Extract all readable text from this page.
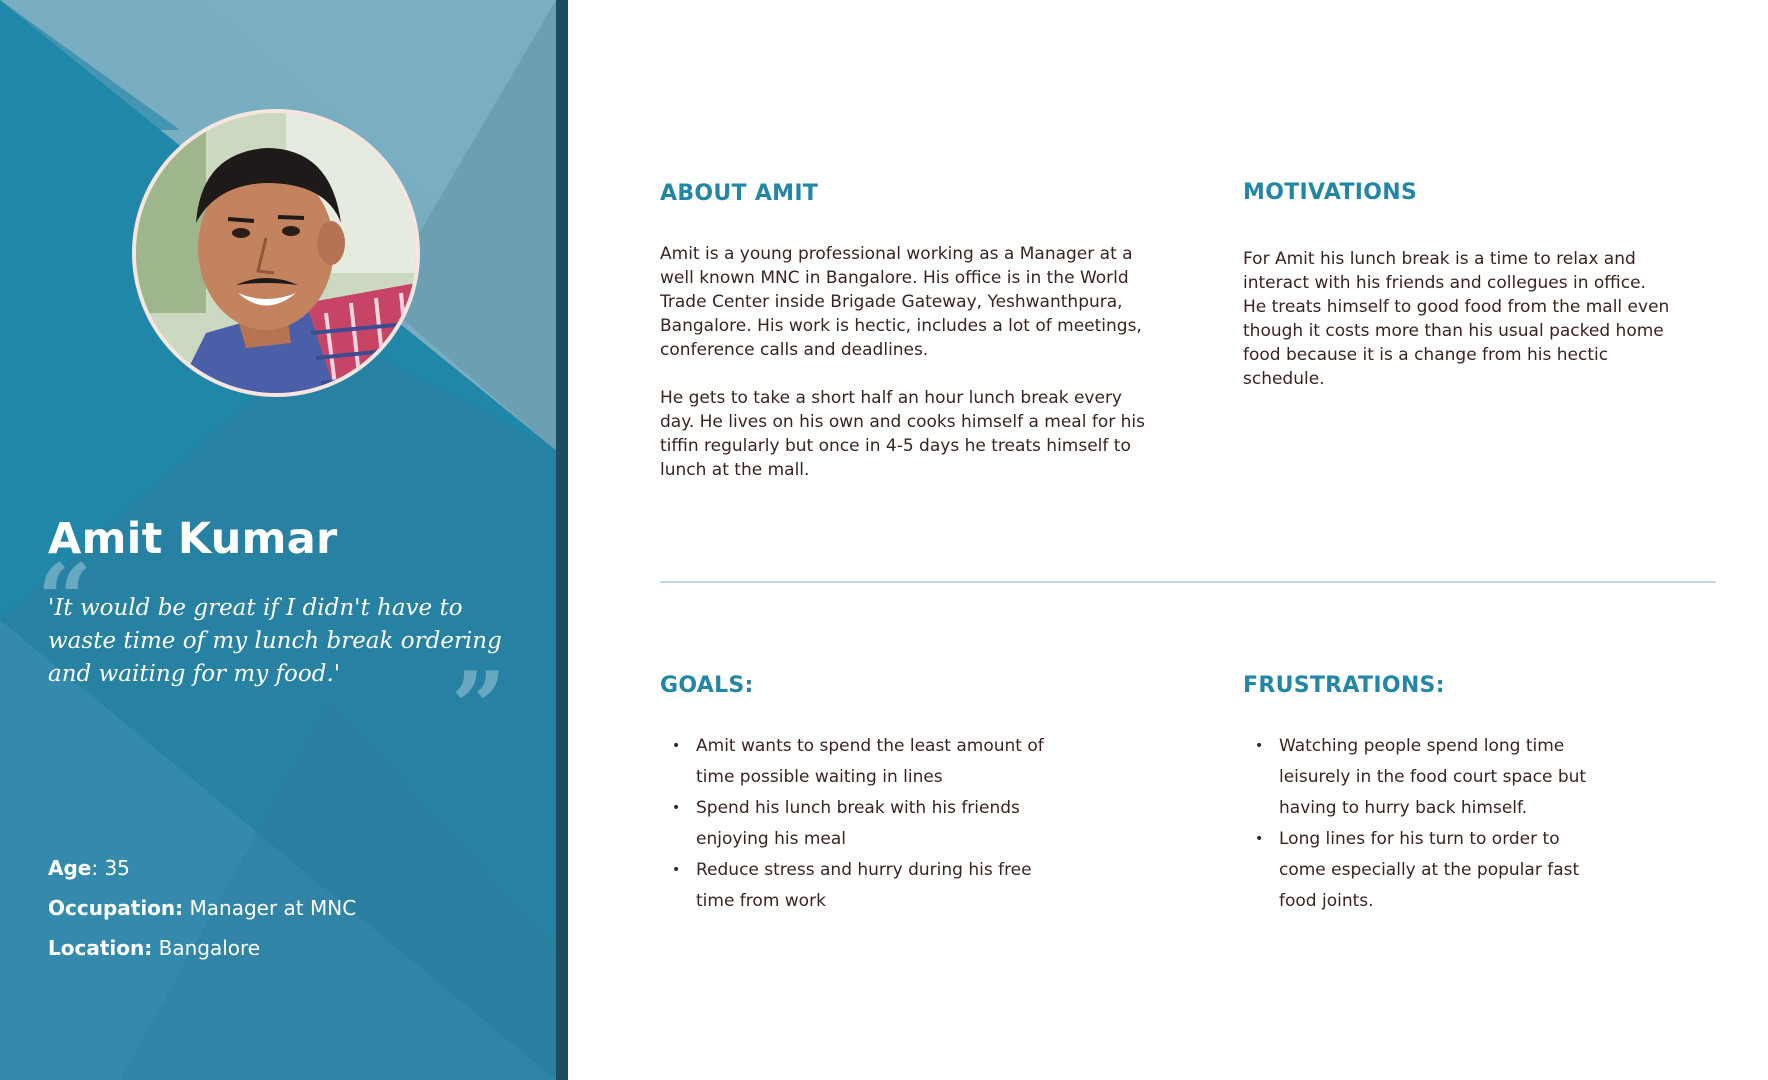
Amit Kumar
“
'It would be great if I didn't have to waste time of my lunch break ordering and waiting for my food.'	”
Age: 35
Occupation: Manager at MNC
Location: Bangalore
ABOUT AMIT

Amit is a young professional working as a Manager at a well known MNC in Bangalore. His office is in the World Trade Center inside Brigade Gateway, Yeshwanthpura, Bangalore. His work is hectic, includes a lot of meetings, conference calls and deadlines.

He gets to take a short half an hour lunch break every day. He lives on his own and cooks himself a meal for his tiffin regularly but once in 4-5 days he treats himself to lunch at the mall.

MOTIVATIONS

For Amit his lunch break is a time to relax and interact with his friends and collegues in office. He treats himself to good food from the mall even though it costs more than his usual packed home food because it is a change from his hectic schedule.

GOALS:
• Amit wants to spend the least amount of time possible waiting in lines
• Spend his lunch break with his friends enjoying his meal
• Reduce stress and hurry during his free time from work
FRUSTRATIONS:
• Watching people spend long time leisurely in the food court space but having to hurry back himself.
• Long lines for his turn to order to come especially at the popular fast food joints.
